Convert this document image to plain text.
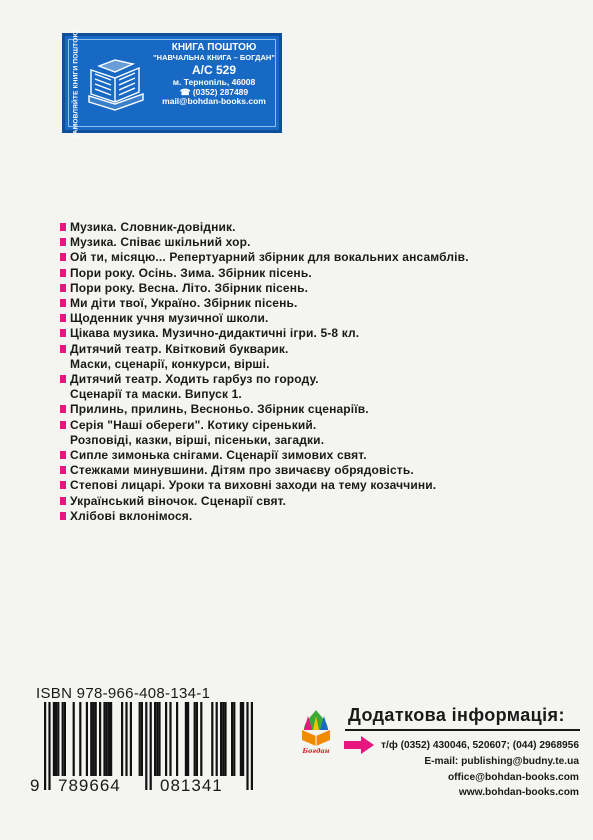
ЗАМОВЛЯЙТЕ КНИГИ ПОШТОЮ	КНИГА ПОШТОЮ
"НАВЧАЛЬНА КНИГА – БОГДАН"
А/С 529
м. Тернопіль, 46008
☎ (0352) 287489
mail@bohdan-books.com
Музика. Словник-довідник.
Музика. Співає шкільний хор.
Ой ти, місяцю... Репертуарний збірник для вокальних ансамблів.
Пори року. Осінь. Зима. Збірник пісень.
Пори року. Весна. Літо. Збірник пісень.
Ми діти твої, Україно. Збірник пісень.
Щоденник учня музичної школи.
Цікава музика. Музично-дидактичні ігри. 5-8 кл.
Дитячий театр. Квітковий букварик.
Маски, сценарії, конкурси, вірші.
Дитячий театр. Ходить гарбуз по городу.
Сценарії та маски. Випуск 1.
Прилинь, прилинь, Весноньо. Збірник сценаріїв.
Серія "Наші обереги". Котику сіренький.
Розповіді, казки, вірші, пісеньки, загадки.
Сипле зимонька снігами. Сценарії зимових свят.
Стежками минувшини. Дітям про звичаєву обрядовість.
Степові лицарі. Уроки та виховні заходи на тему козаччини.
Український віночок. Сценарії свят.
Хлібові вклонімося.
ISBN 978-966-408-134-1
9 789664 081341
Богдан
Додаткова інформація:
т/ф (0352) 430046, 520607; (044) 2968956
E-mail: publishing@budny.te.ua
office@bohdan-books.com
www.bohdan-books.com
